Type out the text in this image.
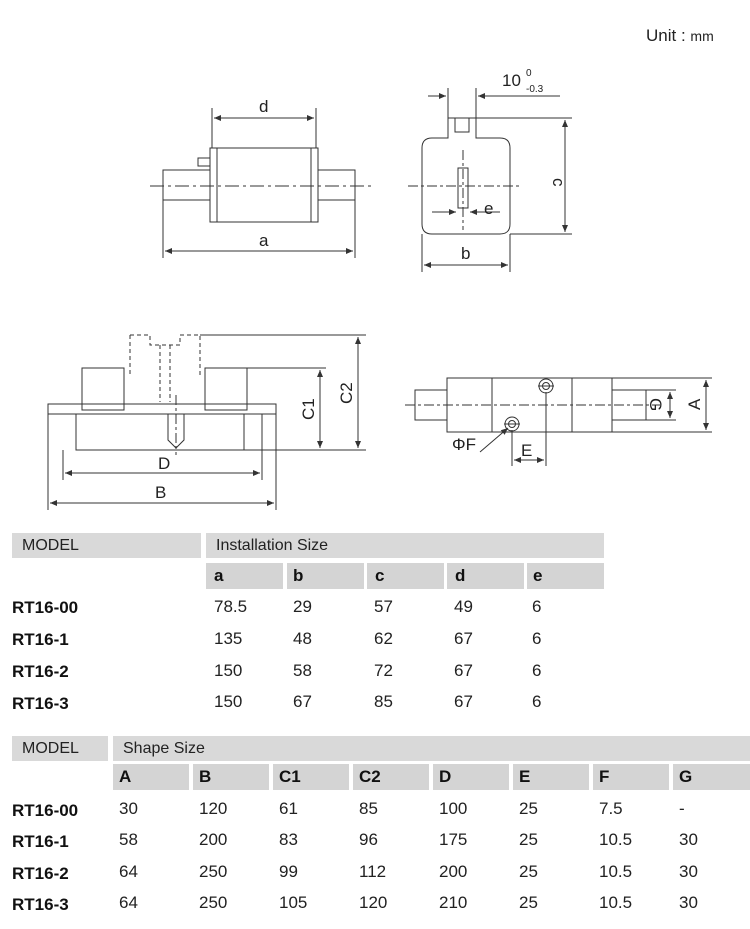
Unit : mm
d
a
b
c
e
10 0
-0.3
C1
C2
D
B
G A
E
ΦF
MODEL	Installation Size
a	b	c	d	e
RT16-00	78.5	29	57	49	6
RT16-1	135	48	62	67	6
RT16-2	150	58	72	67	6
RT16-3	150	67	85	67	6
MODEL	Shape Size
A	B	C1	C2	D	E	F	G
RT16-00 30	120	61	85	100	25	7.5	-
RT16-1	58	200	83	96	175	25	10.5	30
RT16-2	64	250	99	112	200	25	10.5	30
RT16-3	64	250	105	120	210	25	10.5	30
